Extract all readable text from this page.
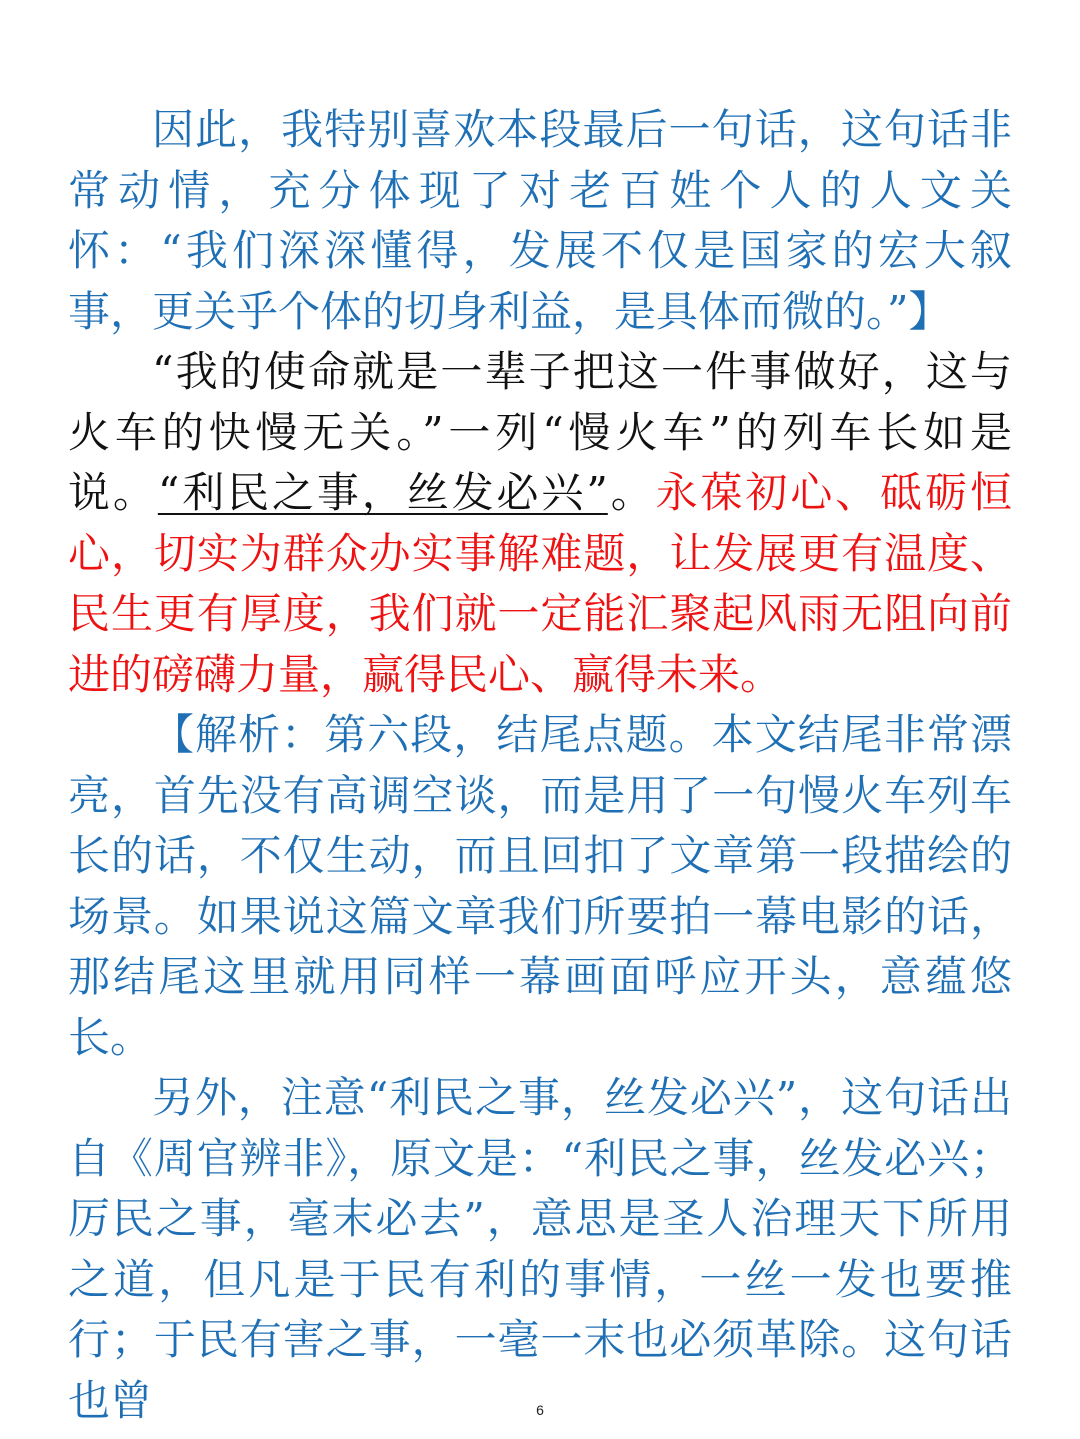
因此，我特别喜欢本段最后一句话，这句话非常动情，充分体现了对老百姓个人的人文关怀：“我们深深懂得，发展不仅是国家的宏大叙事，更关乎个体的切身利益，是具体而微的。”】

“我的使命就是一辈子把这一件事做好，这与火车的快慢无关。”一列“慢火车”的列车长如是说。“利民之事，丝发必兴”。永葆初心、砥砺恒心，切实为群众办实事解难题，让发展更有温度、民生更有厚度，我们就一定能汇聚起风雨无阻向前进的磅礴力量，赢得民心、赢得未来。

【解析：第六段，结尾点题。本文结尾非常漂亮，首先没有高调空谈，而是用了一句慢火车列车长的话，不仅生动，而且回扣了文章第一段描绘的场景。如果说这篇文章我们所要拍一幕电影的话，那结尾这里就用同样一幕画面呼应开头，意蕴悠长。

另外，注意“利民之事，丝发必兴”，这句话出自《周官辨非》，原文是：“利民之事，丝发必兴；厉民之事，毫末必去”，意思是圣人治理天下所用之道，但凡是于民有利的事情，一丝一发也要推行；于民有害之事，一毫一末也必须革除。这句话也曾	6
